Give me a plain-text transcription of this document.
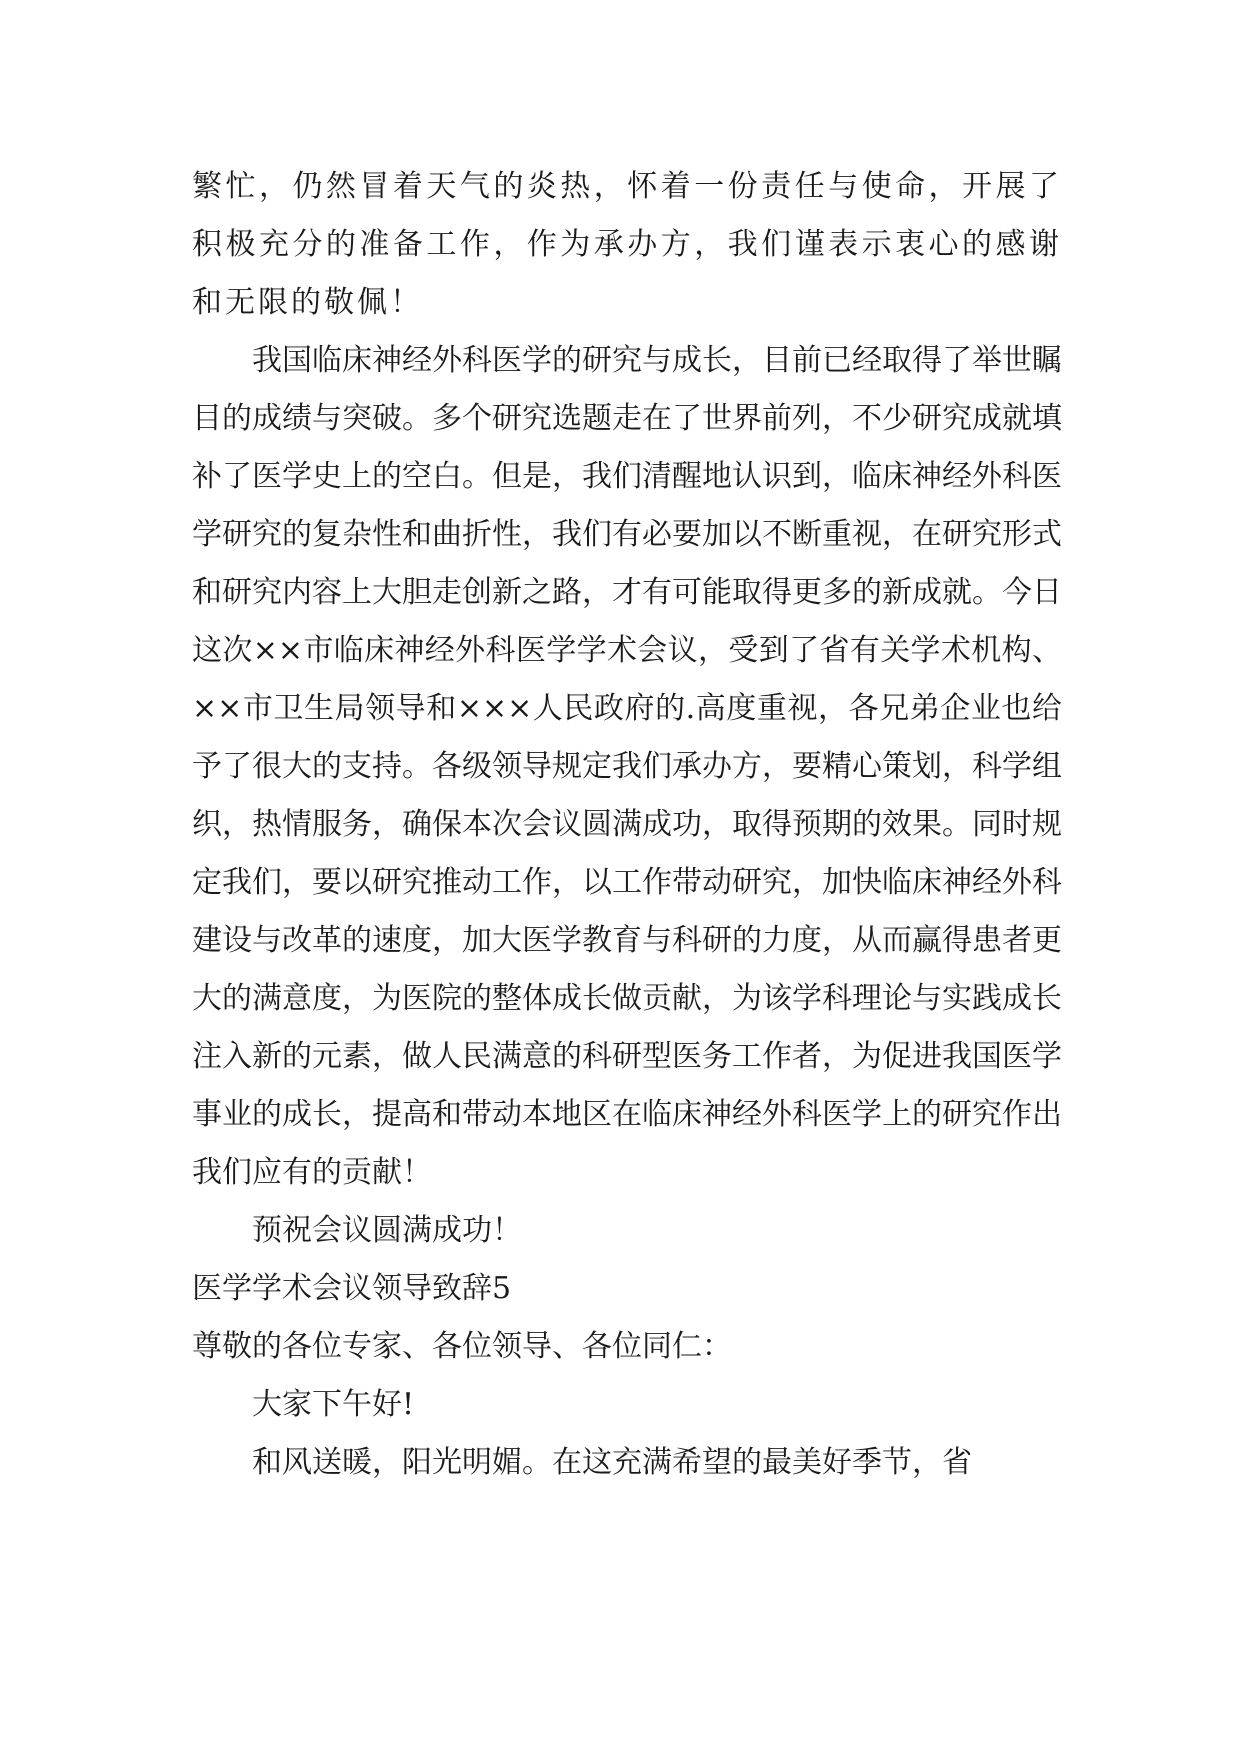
繁忙，仍然冒着天气的炎热，怀着一份责任与使命，开展了积极充分的准备工作，作为承办方，我们谨表示衷心的感谢和无限的敬佩！

我国临床神经外科医学的研究与成长，目前已经取得了举世瞩目的成绩与突破。多个研究选题走在了世界前列，不少研究成就填补了医学史上的空白。但是，我们清醒地认识到，临床神经外科医学研究的复杂性和曲折性，我们有必要加以不断重视，在研究形式和研究内容上大胆走创新之路，才有可能取得更多的新成就。今日这次××市临床神经外科医学学术会议，受到了省有关学术机构、××市卫生局领导和×××人民政府的.高度重视，各兄弟企业也给予了很大的支持。各级领导规定我们承办方，要精心策划，科学组织，热情服务，确保本次会议圆满成功，取得预期的效果。同时规定我们，要以研究推动工作，以工作带动研究，加快临床神经外科建设与改革的速度，加大医学教育与科研的力度，从而赢得患者更大的满意度，为医院的整体成长做贡献，为该学科理论与实践成长注入新的元素，做人民满意的科研型医务工作者，为促进我国医学事业的成长，提高和带动本地区在临床神经外科医学上的研究作出我们应有的贡献！

预祝会议圆满成功！

医学学术会议领导致辞5

尊敬的各位专家、各位领导、各位同仁：

大家下午好!

和风送暖，阳光明媚。在这充满希望的最美好季节，省
